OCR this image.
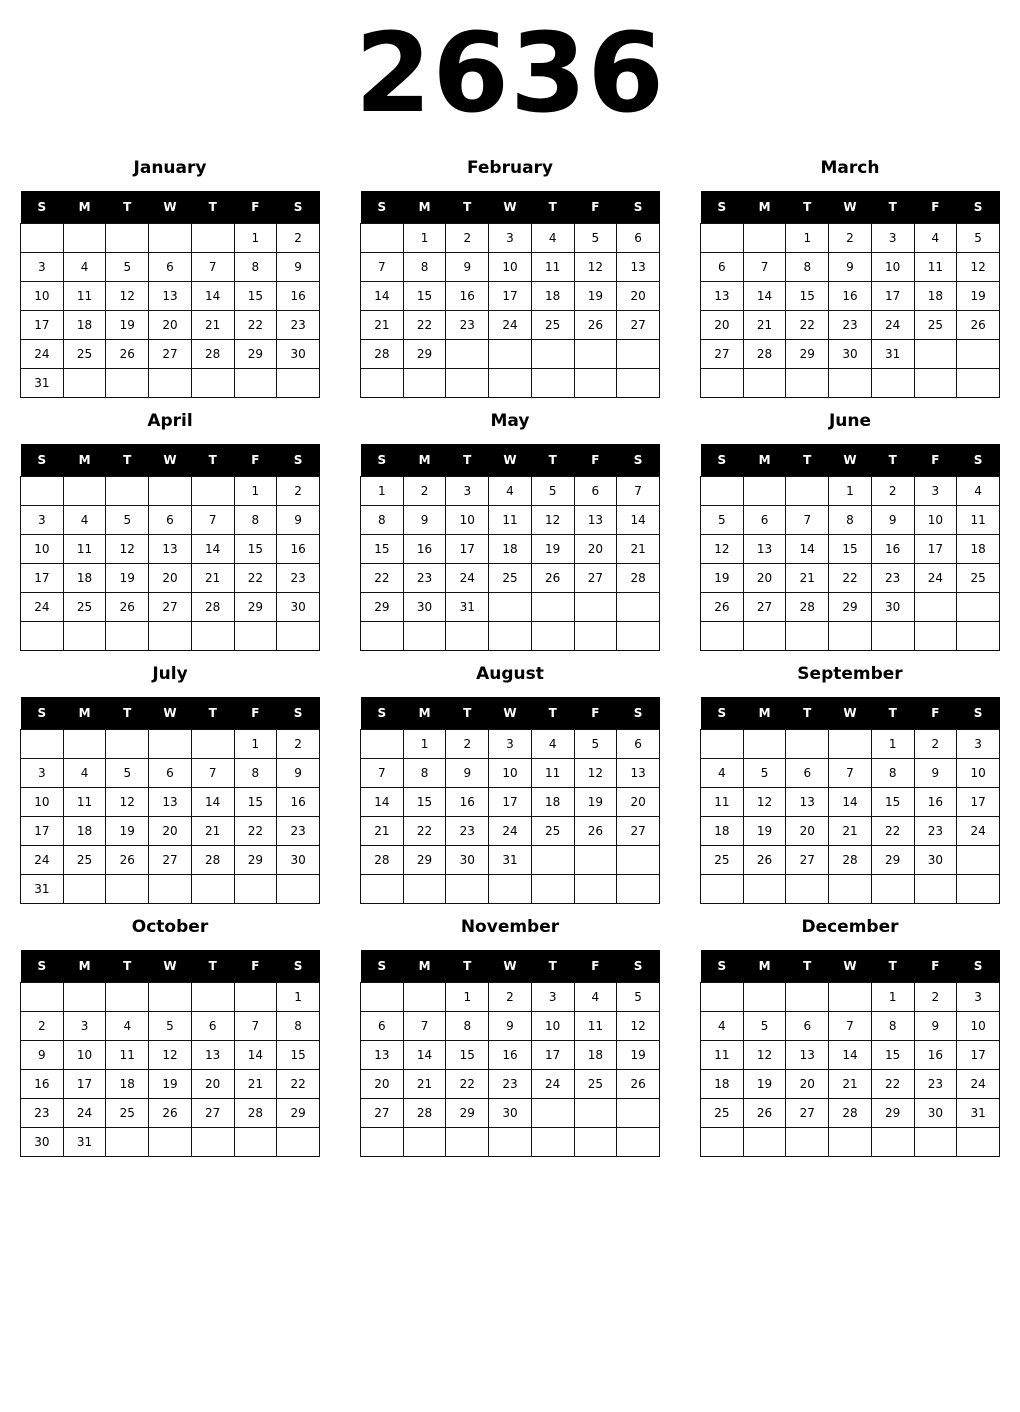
2636
January
S	M	T	W	T	F	S
					1	2
3	4	5	6	7	8	9
10	11	12	13	14	15	16
17	18	19	20	21	22	23
24	25	26	27	28	29	30
31						
February
S	M	T	W	T	F	S
	1	2	3	4	5	6
7	8	9	10	11	12	13
14	15	16	17	18	19	20
21	22	23	24	25	26	27
28	29					

March
S	M	T	W	T	F	S
		1	2	3	4	5
6	7	8	9	10	11	12
13	14	15	16	17	18	19
20	21	22	23	24	25	26
27	28	29	30	31		

April
S	M	T	W	T	F	S
					1	2
3	4	5	6	7	8	9
10	11	12	13	14	15	16
17	18	19	20	21	22	23
24	25	26	27	28	29	30

May
S	M	T	W	T	F	S
1	2	3	4	5	6	7
8	9	10	11	12	13	14
15	16	17	18	19	20	21
22	23	24	25	26	27	28
29	30	31				

June
S	M	T	W	T	F	S
			1	2	3	4
5	6	7	8	9	10	11
12	13	14	15	16	17	18
19	20	21	22	23	24	25
26	27	28	29	30		

July
S	M	T	W	T	F	S
					1	2
3	4	5	6	7	8	9
10	11	12	13	14	15	16
17	18	19	20	21	22	23
24	25	26	27	28	29	30
31						
August
S	M	T	W	T	F	S
	1	2	3	4	5	6
7	8	9	10	11	12	13
14	15	16	17	18	19	20
21	22	23	24	25	26	27
28	29	30	31			

September
S	M	T	W	T	F	S
				1	2	3
4	5	6	7	8	9	10
11	12	13	14	15	16	17
18	19	20	21	22	23	24
25	26	27	28	29	30	

October
S	M	T	W	T	F	S
						1
2	3	4	5	6	7	8
9	10	11	12	13	14	15
16	17	18	19	20	21	22
23	24	25	26	27	28	29
30	31					
November
S	M	T	W	T	F	S
		1	2	3	4	5
6	7	8	9	10	11	12
13	14	15	16	17	18	19
20	21	22	23	24	25	26
27	28	29	30			

December
S	M	T	W	T	F	S
				1	2	3
4	5	6	7	8	9	10
11	12	13	14	15	16	17
18	19	20	21	22	23	24
25	26	27	28	29	30	31
